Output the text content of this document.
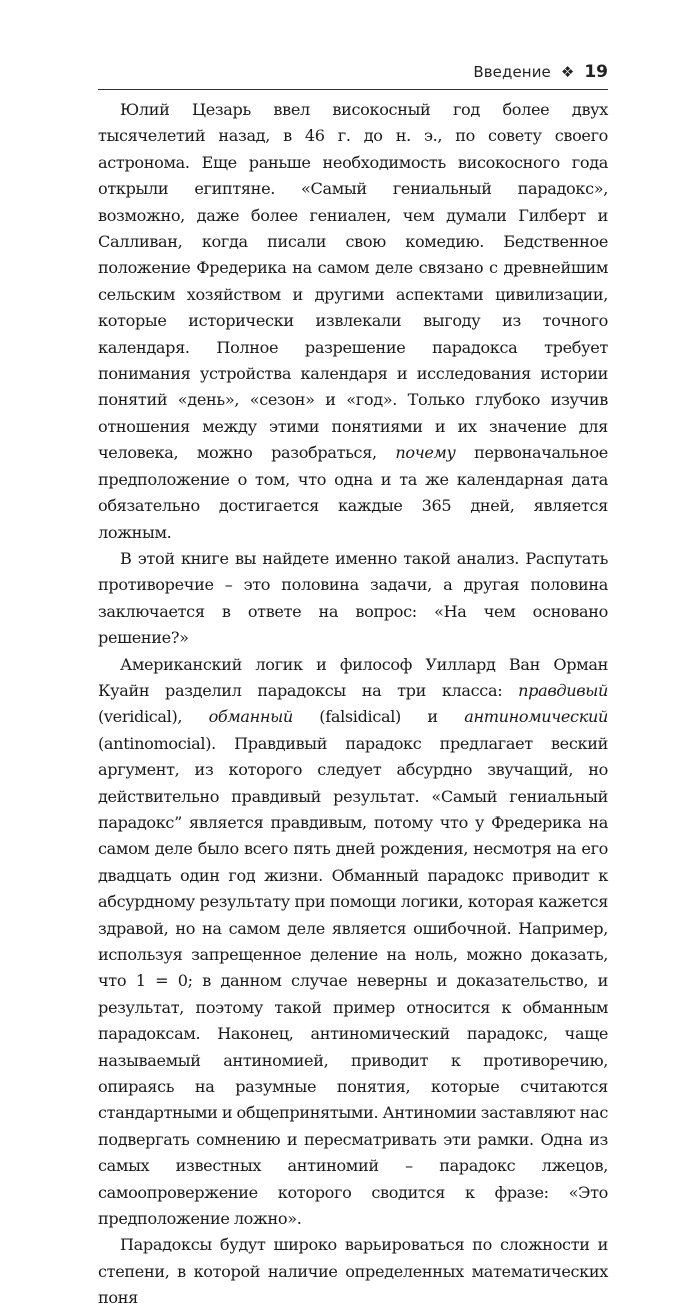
Введение ❖ 19

Юлий Цезарь ввел високосный год более двух тысячелетий назад, в 46 г. до н. э., по совету своего астронома. Еще раньше необходимость високосного года открыли египтяне. «Самый гениальный парадокс», возможно, даже более гениален, чем думали Гилберт и Салливан, когда писали свою комедию. Бедственное положение Фредерика на самом деле связано с древнейшим сельским хозяйством и другими аспектами цивилизации, которые исторически извлекали выгоду из точного календаря. Полное разрешение парадокса требует понимания устройства календаря и исследования истории понятий «день», «сезон» и «год». Только глубоко изучив отношения между этими понятиями и их значение для человека, можно разобраться, почему первоначальное предположение о том, что одна и та же календарная дата обязательно достигается каждые 365 дней, является ложным.

В этой книге вы найдете именно такой анализ. Распутать противоречие – это половина задачи, а другая половина заключается в ответе на вопрос: «На чем основано решение?»

Американский логик и философ Уиллард Ван Орман Куайн разделил парадоксы на три класса: правдивый (veridical), обманный (falsidical) и антиномический (antinomocial). Правдивый парадокс предлагает веский аргумент, из которого следует абсурдно звучащий, но действительно правдивый результат. «Самый гениальный парадокс” является правдивым, потому что у Фредерика на самом деле было всего пять дней рождения, несмотря на его двадцать один год жизни. Обманный парадокс приводит к абсурдному результату при помощи логики, которая кажется здравой, но на самом деле является ошибочной. Например, используя запрещенное деление на ноль, можно доказать, что 1 = 0; в данном случае неверны и доказательство, и результат, поэтому такой пример относится к обманным парадоксам. Наконец, антиномический парадокс, чаще называемый антиномией, приводит к противоречию, опираясь на разумные понятия, которые считаются стандартными и общепринятыми. Антиномии заставляют нас подвергать сомнению и пересматривать эти рамки. Одна из самых известных антиномий – парадокс лжецов, самоопровержение которого сводится к фразе: «Это предположение ложно».

Парадоксы будут широко варьироваться по сложности и степени, в которой наличие определенных математических поня
